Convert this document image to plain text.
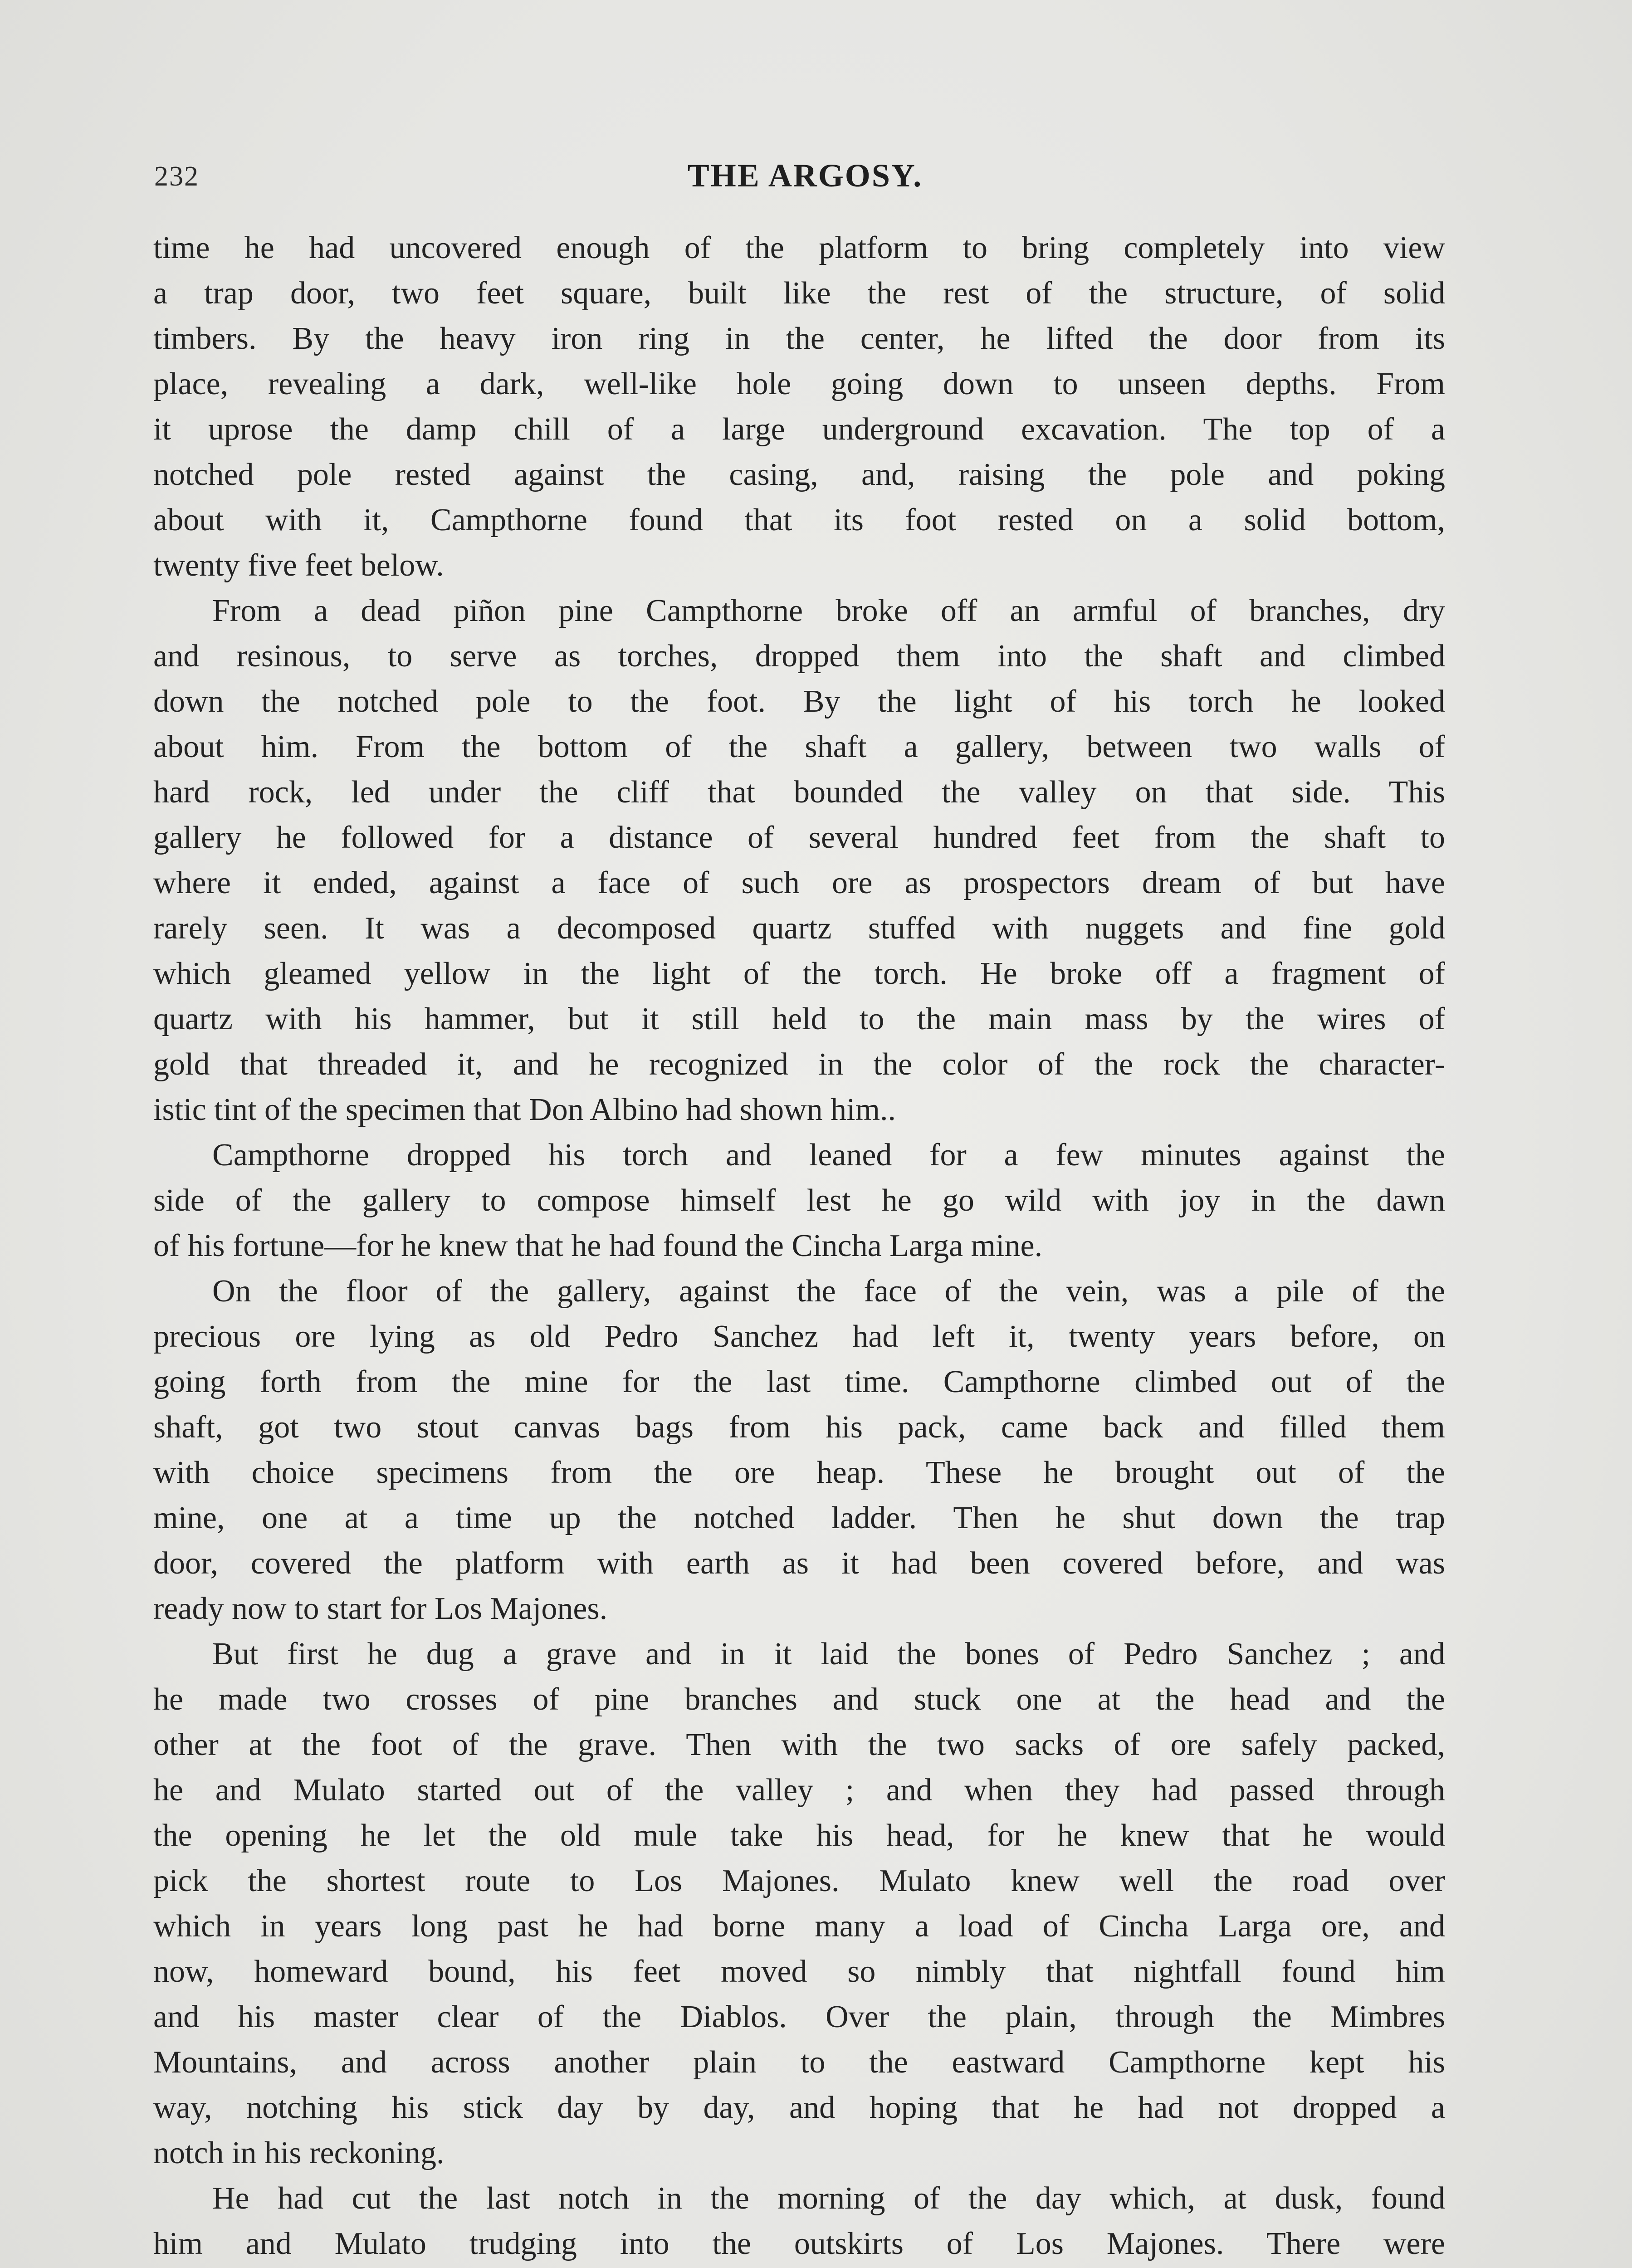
232	THE ARGOSY.
time he had uncovered enough of the platform to bring completely into view
a trap door, two feet square, built like the rest of the structure, of solid
timbers. By the heavy iron ring in the center, he lifted the door from its
place, revealing a dark, well-like hole going down to unseen depths. From
it uprose the damp chill of a large underground excavation. The top of a
notched pole rested against the casing, and, raising the pole and poking
about with it, Campthorne found that its foot rested on a solid bottom,
twenty five feet below.
From a dead piñon pine Campthorne broke off an armful of branches, dry
and resinous, to serve as torches, dropped them into the shaft and climbed
down the notched pole to the foot. By the light of his torch he looked
about him. From the bottom of the shaft a gallery, between two walls of
hard rock, led under the cliff that bounded the valley on that side. This
gallery he followed for a distance of several hundred feet from the shaft to
where it ended, against a face of such ore as prospectors dream of but have
rarely seen. It was a decomposed quartz stuffed with nuggets and fine gold
which gleamed yellow in the light of the torch. He broke off a fragment of
quartz with his hammer, but it still held to the main mass by the wires of
gold that threaded it, and he recognized in the color of the rock the character-
istic tint of the specimen that Don Albino had shown him..
Campthorne dropped his torch and leaned for a few minutes against the
side of the gallery to compose himself lest he go wild with joy in the dawn
of his fortune—for he knew that he had found the Cincha Larga mine.
On the floor of the gallery, against the face of the vein, was a pile of the
precious ore lying as old Pedro Sanchez had left it, twenty years before, on
going forth from the mine for the last time. Campthorne climbed out of the
shaft, got two stout canvas bags from his pack, came back and filled them
with choice specimens from the ore heap. These he brought out of the
mine, one at a time up the notched ladder. Then he shut down the trap
door, covered the platform with earth as it had been covered before, and was
ready now to start for Los Majones.
But first he dug a grave and in it laid the bones of Pedro Sanchez ; and
he made two crosses of pine branches and stuck one at the head and the
other at the foot of the grave. Then with the two sacks of ore safely packed,
he and Mulato started out of the valley ; and when they had passed through
the opening he let the old mule take his head, for he knew that he would
pick the shortest route to Los Majones. Mulato knew well the road over
which in years long past he had borne many a load of Cincha Larga ore, and
now, homeward bound, his feet moved so nimbly that nightfall found him
and his master clear of the Diablos. Over the plain, through the Mimbres
Mountains, and across another plain to the eastward Campthorne kept his
way, notching his stick day by day, and hoping that he had not dropped a
notch in his reckoning.
He had cut the last notch in the morning of the day which, at dusk, found
him and Mulato trudging into the outskirts of Los Majones. There were
